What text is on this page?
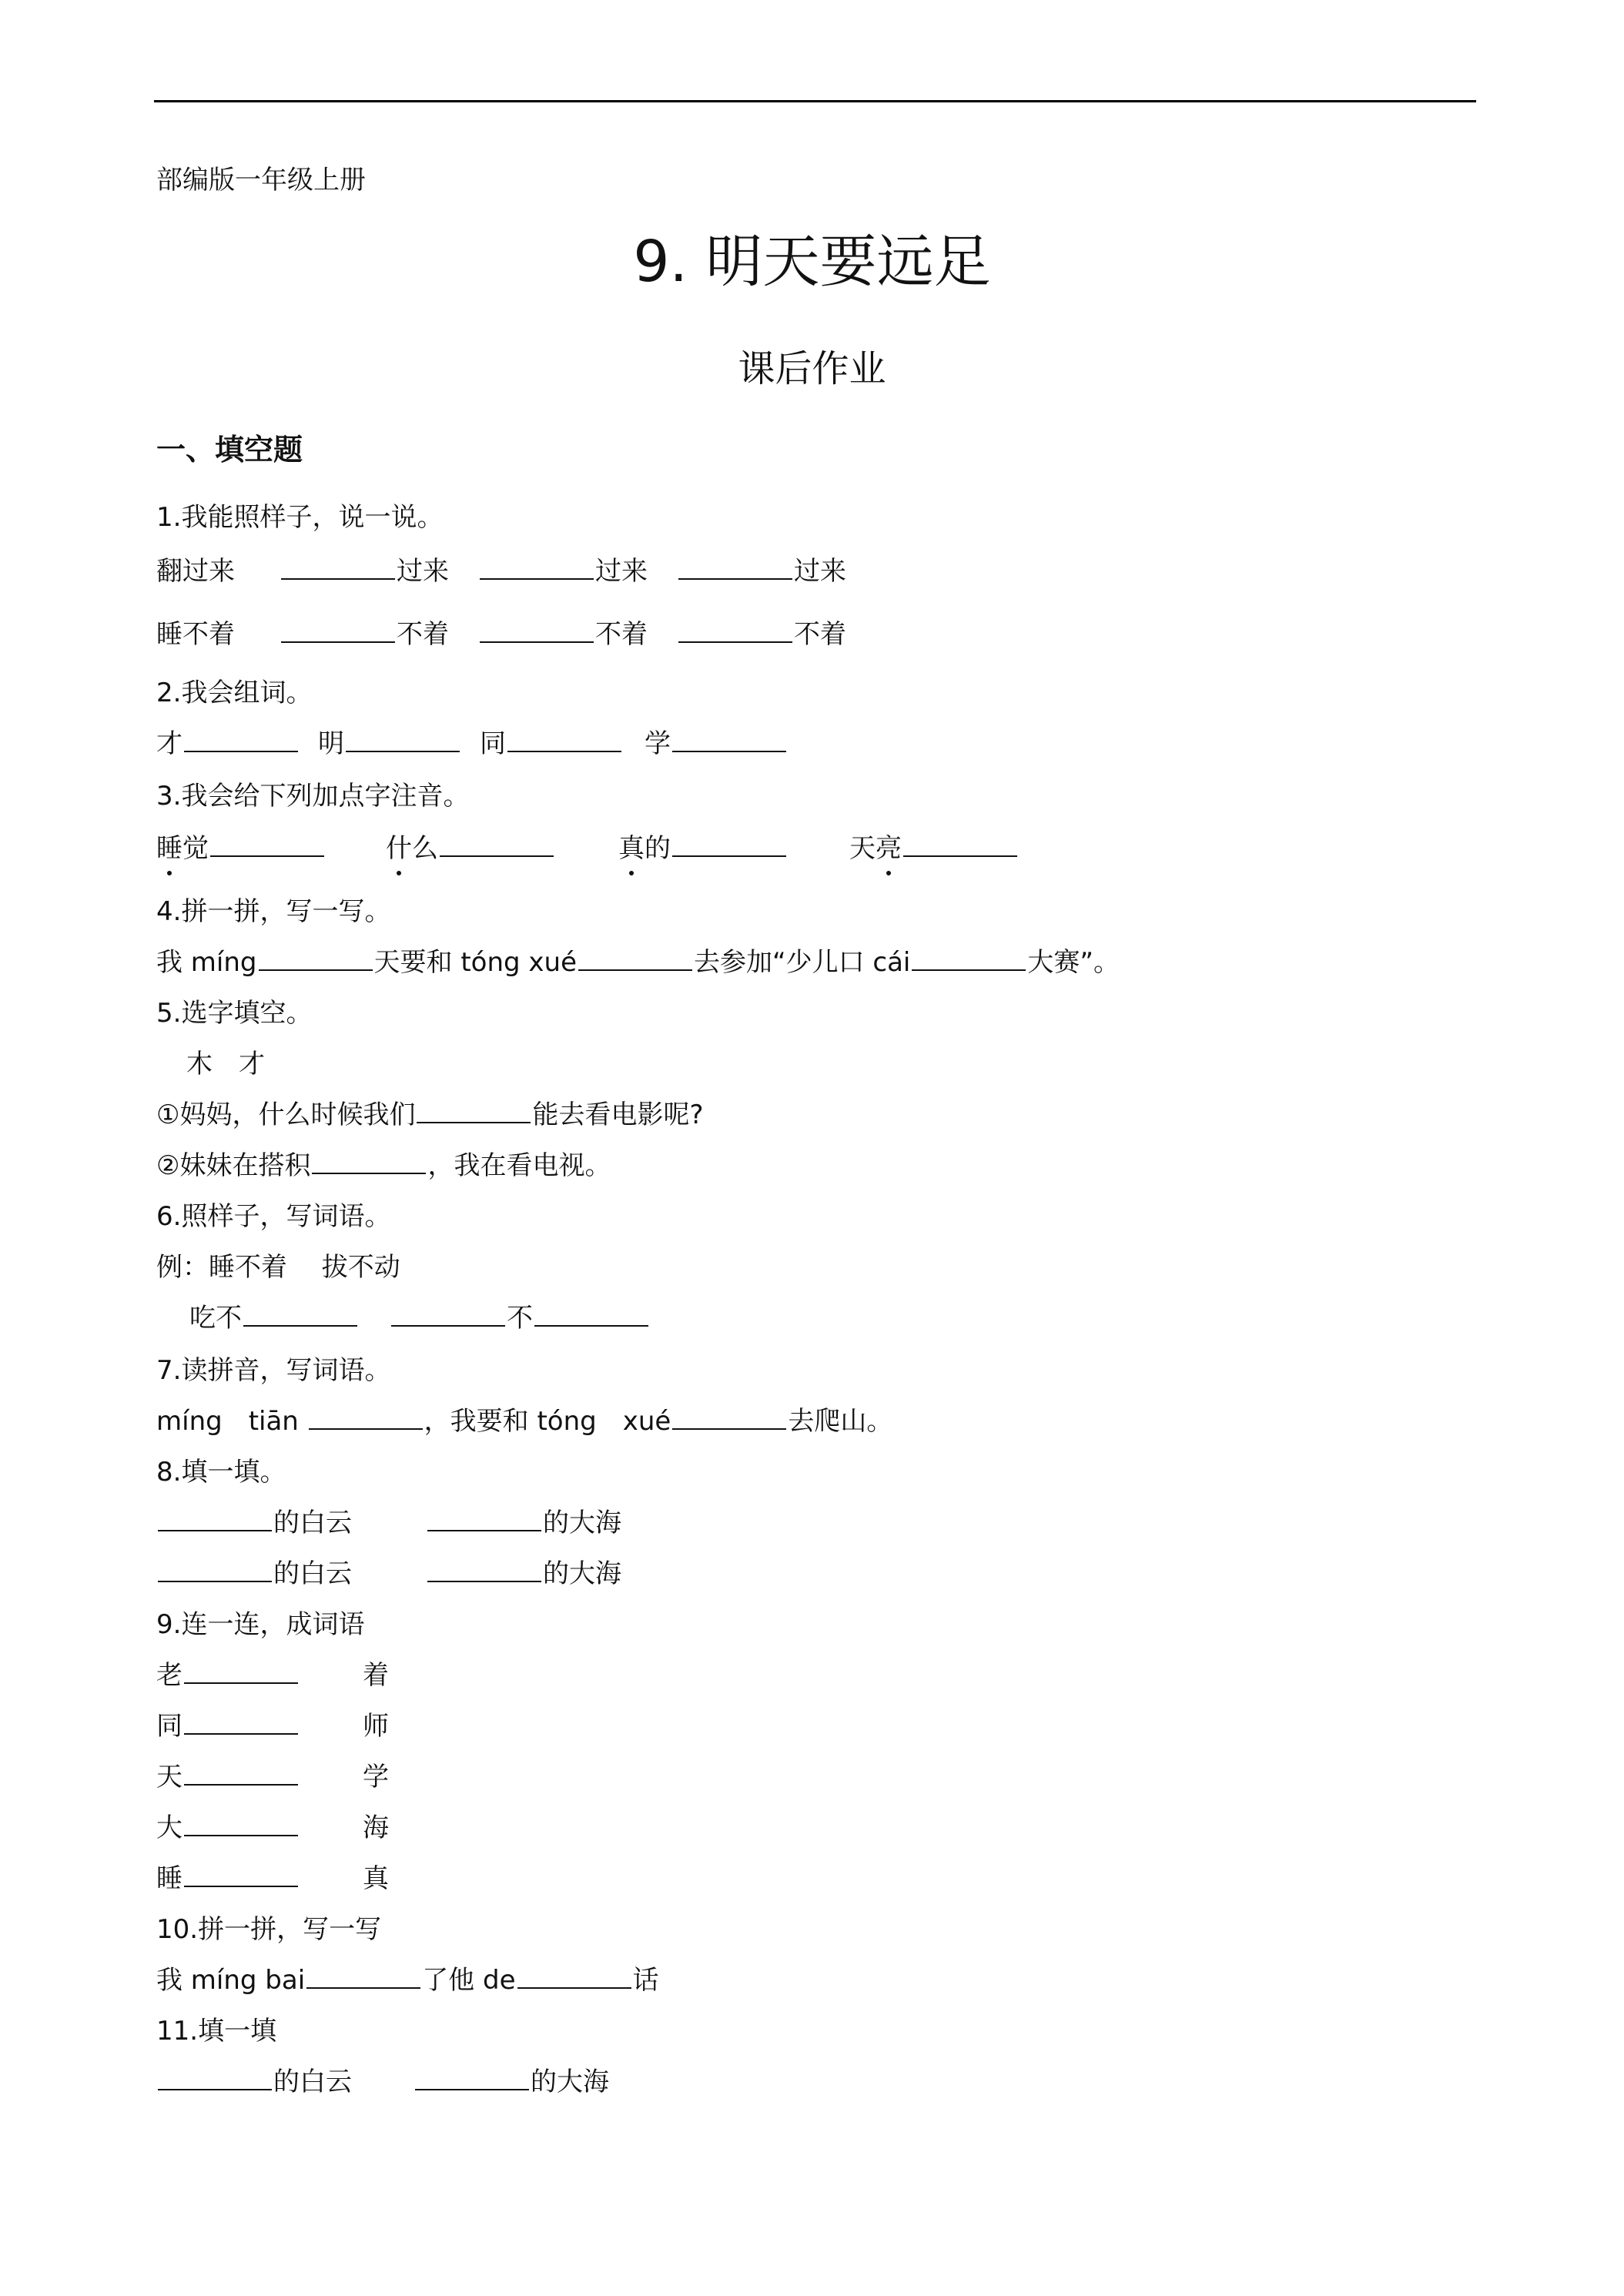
部编版一年级上册
9. 明天要远足
课后作业
一、填空题
1.我能照样子，说一说。
翻过来	过来	过来	过来
睡不着	不着	不着	不着
2.我会组词。
才	明	同	学
3.我会给下列加点字注音。
睡觉	什么	真的	天亮
4.拼一拼，写一写。
我 míng	天要和 tóng xué	去参加“少儿口 cái	大赛”。
5.选字填空。
木　才
①妈妈，什么时候我们	能去看电影呢?
②妹妹在搭积	，我在看电视。
6.照样子，写词语。
例：睡不着　 拔不动
吃不	不
7.读拼音，写词语。
míng　tiān	，我要和 tóng　xué	去爬山。
8.填一填。
的白云	的大海
的白云	的大海
9.连一连，成词语
老	着
同	师
天	学
大	海
睡	真
10.拼一拼，写一写
我 míng bai	了他 de	话
11.填一填
的白云	的大海
